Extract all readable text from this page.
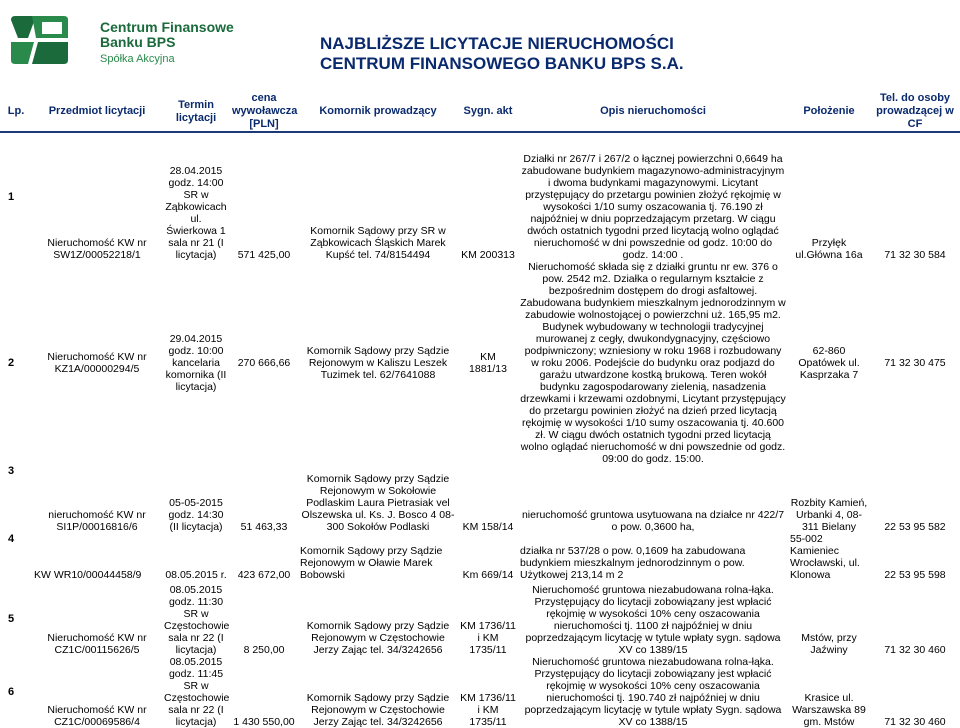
Centrum Finansowe
Banku BPS
Spółka Akcyjna
NAJBLIŻSZE LICYTACJE NIERUCHOMOŚCI
CENTRUM FINANSOWEGO BANKU BPS S.A.
Lp.	Przedmiot licytacji	Termin licytacji	cena wywoławcza [PLN]	Komornik prowadzący	Sygn. akt	Opis nieruchomości	Położenie	Tel. do osoby prowadzącej w CF
1	Nieruchomość KW nr SW1Z/00052218/1	28.04.2015 godz. 14:00 SR w Ząbkowicach ul. Świerkowa 1 sala nr 21 (I licytacja)	571 425,00	Komornik Sądowy przy SR w Ząbkowicach Śląskich Marek Kupść tel. 74/8154494	KM 200313	Działki nr 267/7 i 267/2 o łącznej powierzchni 0,6649 ha zabudowane budynkiem magazynowo-administracyjnym i dwoma budynkami magazynowymi. Licytant przystępujący do przetargu powinien złożyć rękojmię w wysokości 1/10 sumy oszacowania tj. 76.190 zł najpóźniej w dniu poprzedzającym przetarg. W ciągu dwóch ostatnich tygodni przed licytacją wolno oglądać nieruchomość w dni powszednie od godz. 10:00 do godz. 14:00 .	Przyłęk ul.Główna 16a	71 32 30 584
2	Nieruchomość KW nr KZ1A/00000294/5	29.04.2015 godz. 10:00 kancelaria komornika (II licytacja)	270 666,66	Komornik Sądowy przy Sądzie Rejonowym w Kaliszu Leszek Tuzimek tel. 62/7641088	KM 1881/13	Nieruchomość składa się z działki gruntu nr ew. 376 o pow. 2542 m2. Działka o regularnym kształcie z bezpośrednim dostępem do drogi asfaltowej. Zabudowana budynkiem mieszkalnym jednorodzinnym w zabudowie wolnostojącej o powierzchni uż. 165,95 m2. Budynek wybudowany w technologii tradycyjnej murowanej z cegły, dwukondygnacyjny, częściowo podpiwniczony; wzniesiony w roku 1968 i rozbudowany w roku 2006. Podejście do budynku oraz podjazd do garażu utwardzone kostką brukową. Teren wokół budynku zagospodarowany zielenią, nasadzenia drzewkami i krzewami ozdobnymi, Licytant przystępujący do przetargu powinien złożyć na dzień przed licytacją rękojmię w wysokości 1/10 sumy oszacowania tj. 40.600 zł. W ciągu dwóch ostatnich tygodni przed licytacją wolno oglądać nieruchomość w dni powszednie od godz. 09:00 do godz. 15:00.	62-860 Opatówek ul. Kasprzaka 7	71 32 30 475
3	nieruchomość KW nr SI1P/00016816/6	05-05-2015 godz. 14:30 (II licytacja)	51 463,33	Komornik Sądowy przy Sądzie Rejonowym w Sokołowie Podlaskim Laura Pietrasiak vel Olszewska ul. Ks. J. Bosco 4 08-300 Sokołów Podlaski	KM 158/14	nieruchomość gruntowa usytuowana na działce nr 422/7 o pow. 0,3600 ha,	Rozbity Kamień, Urbanki 4, 08-311 Bielany	22 53 95 582
4	KW WR10/00044458/9	08.05.2015 r.	423 672,00	Komornik Sądowy przy Sądzie Rejonowym w Oławie Marek Bobowski	Km 669/14	działka nr 537/28 o pow. 0,1609 ha zabudowana budynkiem mieszkalnym jednorodzinnym o pow. Użytkowej 213,14 m 2	55-002 Kamieniec Wrocławski, ul. Klonowa	22 53 95 598
5	Nieruchomość KW nr CZ1C/00115626/5	08.05.2015 godz. 11:30 SR w Częstochowie sala nr 22 (I licytacja)	8 250,00	Komornik Sądowy przy Sądzie Rejonowym w Częstochowie Jerzy Zając tel. 34/3242656	KM 1736/11 i KM 1735/11	Nieruchomość gruntowa niezabudowana rolna-łąka. Przystępujący do licytacji zobowiązany jest wpłacić rękojmię w wysokości 10% ceny oszacowania nieruchomości tj. 1100 zł najpóźniej w dniu poprzedzającym licytację w tytule wpłaty sygn. sądowa XV co 1389/15	Mstów, przy Jaźwiny	71 32 30 460
6	Nieruchomość KW nr CZ1C/00069586/4	08.05.2015 godz. 11:45 SR w Częstochowie sala nr 22 (I licytacja)	1 430 550,00	Komornik Sądowy przy Sądzie Rejonowym w Częstochowie Jerzy Zając tel. 34/3242656	KM 1736/11 i KM 1735/11	Nieruchomość gruntowa niezabudowana rolna-łąka. Przystępujący do licytacji zobowiązany jest wpłacić rękojmię w wysokości 10% ceny oszacowania nieruchomości tj. 190.740 zł najpóźniej w dniu poprzedzającym licytację w tytule wpłaty Sygn. sądowa XV co 1388/15	Krasice ul. Warszawska 89 gm. Mstów	71 32 30 460
